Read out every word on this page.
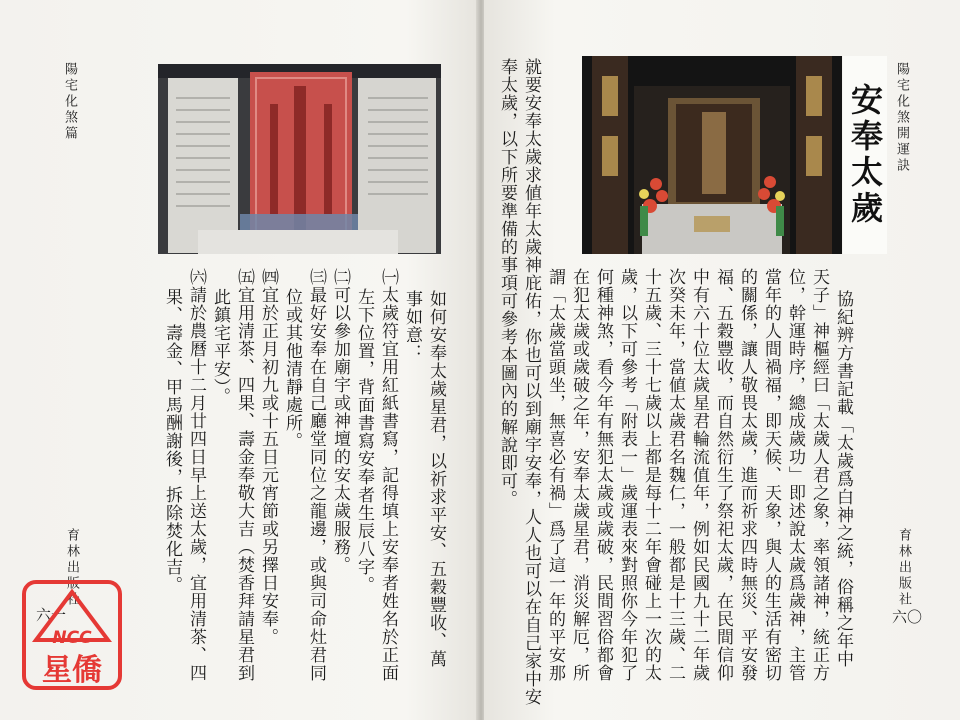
陽宅化煞篇
如何安奉太歲星君，以祈求平安、五穀豐收、萬
事如意：
㈠太歲符宜用紅紙書寫，記得填上安奉者姓名於正面
左下位置，背面書寫安奉者生辰八字。
㈡可以參加廟宇或神壇的安太歲服務。
㈢最好安奉在自己廳堂同位之龍邊，或與司命灶君同
位或其他清靜處所。
㈣宜於正月初九或十五日元宵節或另擇日安奉。
㈤宜用清茶、四果、壽金奉敬大吉（焚香拜請星君到
此鎮宅平安）。
㈥請於農曆十二月廿四日早上送太歲，宜用清茶、四
果、壽金、甲馬酬謝後，拆除焚化吉。
育林出版社
六一
NCC
星僑
陽宅化煞開運訣
安奉太歲
協紀辨方書記載「太歲爲白神之統，俗稱之年中
天子」神樞經曰「太歲人君之象，率領諸神，統正方
位，幹運時序，總成歲功」即述說太歲爲歲神，主管
當年的人間禍福，即天候、天象，與人的生活有密切
的關係，讓人敬畏太歲，進而祈求四時無災、平安發
福、五穀豐收，而自然衍生了祭祀太歲，在民間信仰
中有六十位太歲星君輪流值年，例如民國九十二年歲
次癸未年，當値太歲君名魏仁，一般都是十三歲、二
十五歲、三十七歲以上都是每十二年會碰上一次的太
歲，以下可參考「附表一」歲運表來對照你今年犯了
何種神煞，看今年有無犯太歲或歲破，民間習俗都會
在犯太歲或歲破之年，安奉太歲星君，消災解厄，所
謂「太歲當頭坐，無喜必有禍」爲了這一年的平安那
就要安奉太歲求値年太歲神庇佑，你也可以到廟宇安奉，人人也可以在自己家中安
奉太歲，以下所要準備的事項可參考本圖內的解說即可。
育林出版社
六〇
